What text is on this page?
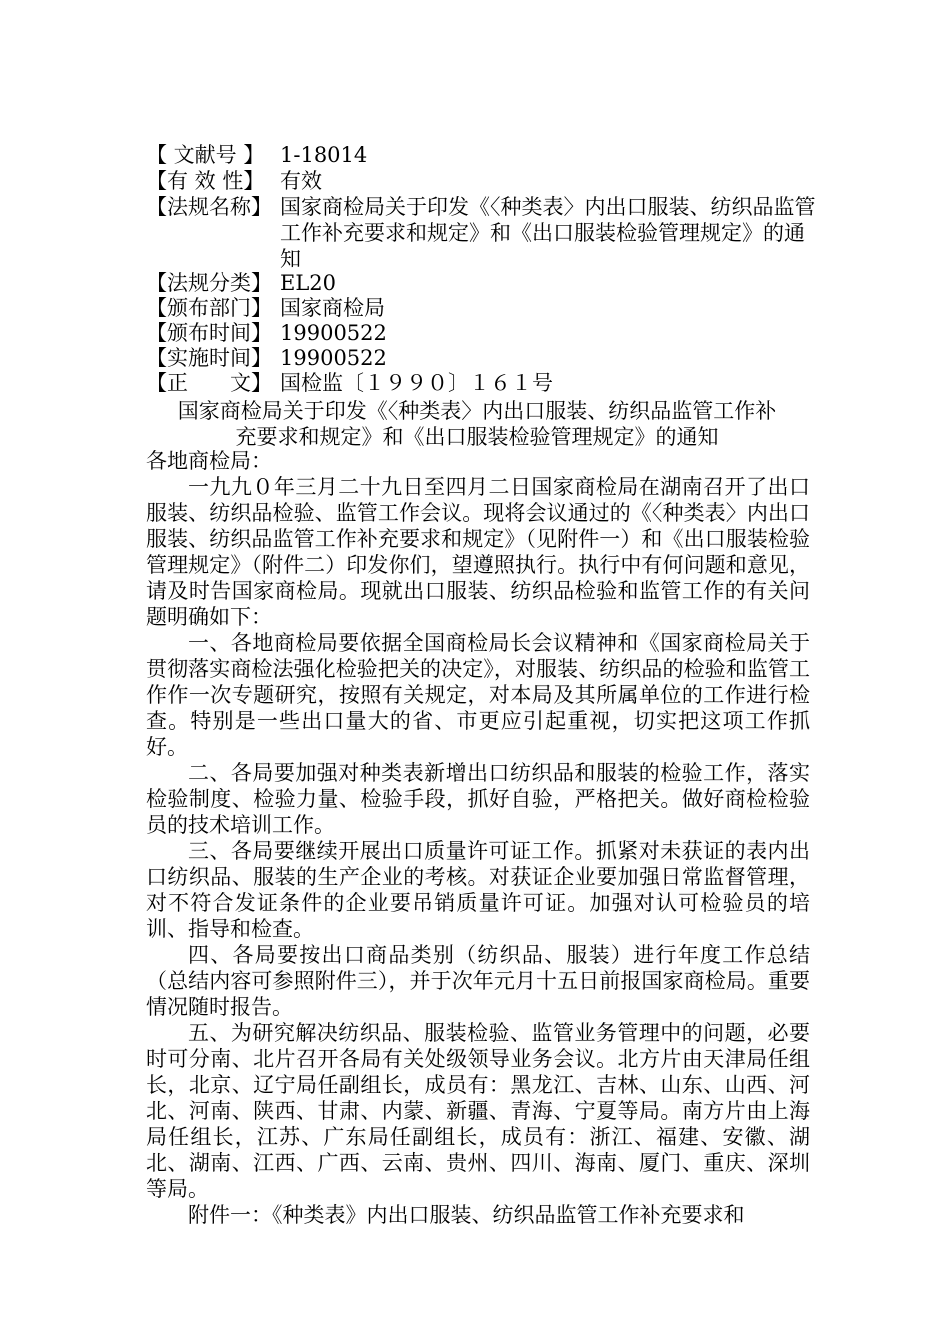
【 文献号 】 1-18014
【有 效 性】 有效
【法规名称】 国家商检局关于印发《〈种类表〉内出口服装、纺织品监管工作补充要求和规定》和《出口服装检验管理规定》的通知
【法规分类】 EL20
【颁布部门】 国家商检局
【颁布时间】 19900522
【实施时间】 19900522
【正　　文】 国检监〔１９９０〕１６１号
国家商检局关于印发《〈种类表〉内出口服装、纺织品监管工作补
充要求和规定》和《出口服装检验管理规定》的通知

各地商检局：

一九九０年三月二十九日至四月二日国家商检局在湖南召开了出口服装、纺织品检验、监管工作会议。现将会议通过的《〈种类表〉内出口服装、纺织品监管工作补充要求和规定》（见附件一）和《出口服装检验管理规定》（附件二）印发你们，望遵照执行。执行中有何问题和意见，请及时告国家商检局。现就出口服装、纺织品检验和监管工作的有关问题明确如下：

一、各地商检局要依据全国商检局长会议精神和《国家商检局关于贯彻落实商检法强化检验把关的决定》，对服装、纺织品的检验和监管工作作一次专题研究，按照有关规定，对本局及其所属单位的工作进行检查。特别是一些出口量大的省、市更应引起重视，切实把这项工作抓好。

二、各局要加强对种类表新增出口纺织品和服装的检验工作，落实检验制度、检验力量、检验手段，抓好自验，严格把关。做好商检检验员的技术培训工作。

三、各局要继续开展出口质量许可证工作。抓紧对未获证的表内出口纺织品、服装的生产企业的考核。对获证企业要加强日常监督管理，对不符合发证条件的企业要吊销质量许可证。加强对认可检验员的培训、指导和检查。

四、各局要按出口商品类别（纺织品、服装）进行年度工作总结（总结内容可参照附件三），并于次年元月十五日前报国家商检局。重要情况随时报告。

五、为研究解决纺织品、服装检验、监管业务管理中的问题，必要时可分南、北片召开各局有关处级领导业务会议。北方片由天津局任组长，北京、辽宁局任副组长，成员有：黑龙江、吉林、山东、山西、河北、河南、陕西、甘肃、内蒙、新疆、青海、宁夏等局。南方片由上海局任组长，江苏、广东局任副组长，成员有：浙江、福建、安徽、湖北、湖南、江西、广西、云南、贵州、四川、海南、厦门、重庆、深圳等局。

附件一：《种类表》内出口服装、纺织品监管工作补充要求和
